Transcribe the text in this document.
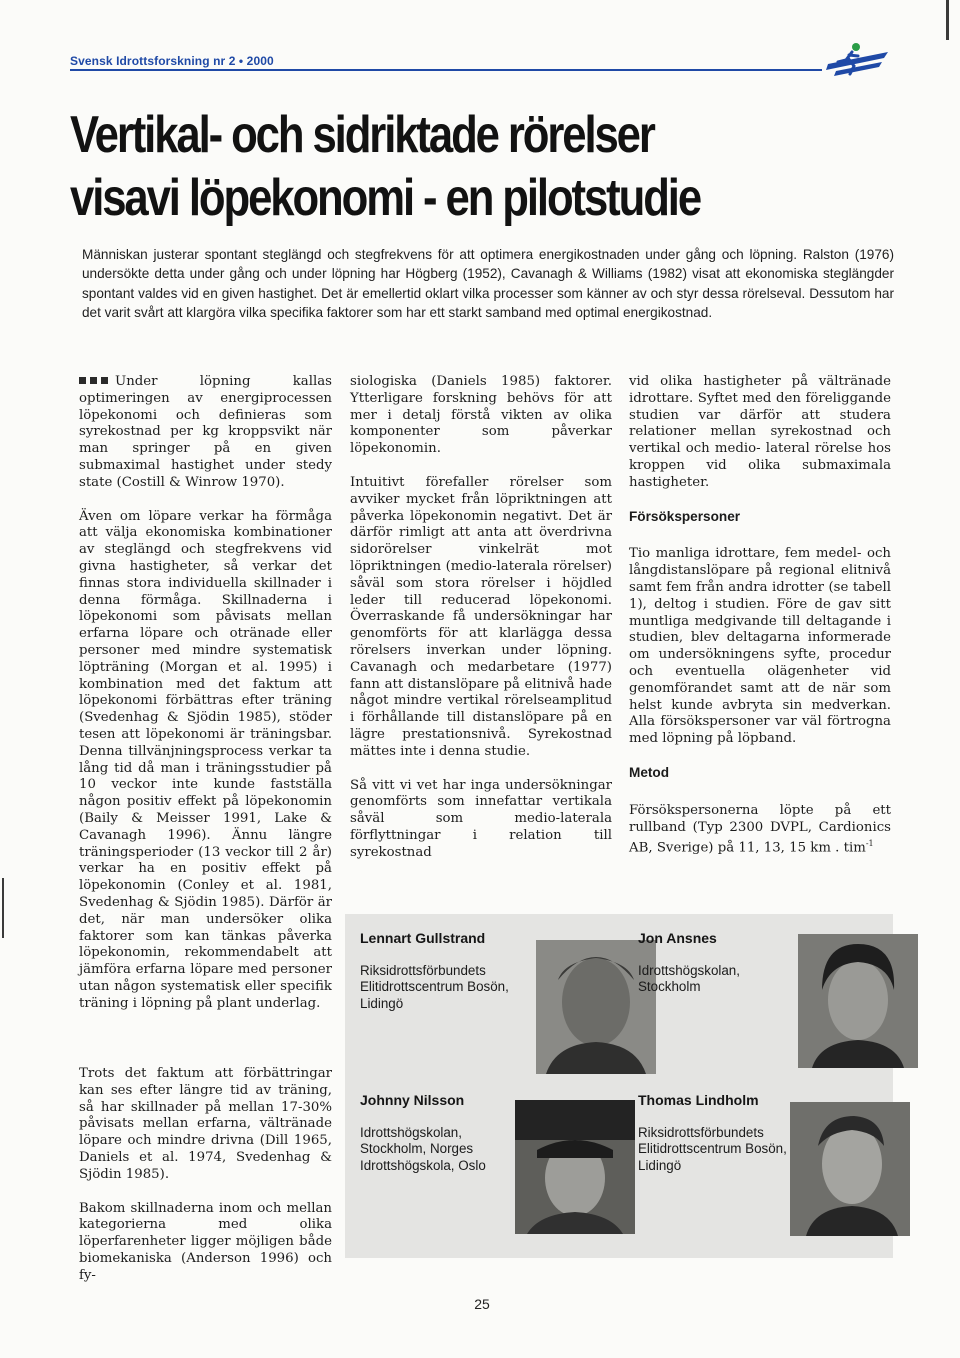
Svensk Idrottsforskning nr 2 • 2000
Vertikal- och sidriktade rörelser
visavi löpekonomi - en pilotstudie

Människan justerar spontant steglängd och stegfrekvens för att optimera energikostnaden under gång och löpning. Ralston (1976) undersökte detta under gång och under löpning har Högberg (1952), Cavanagh & Williams (1982) visat att ekonomiska steglängder spontant valdes vid en given hastighet. Det är emellertid oklart vilka processer som känner av och styr dessa rörelseval. Dessutom har det varit svårt att klargöra vilka specifika faktorer som har ett starkt samband med optimal energikostnad.

Under löpning kallas optimeringen av energiprocessen löpekonomi och definieras som syrekostnad per kg kroppsvikt när man springer på en given submaximal hastighet under stedy state (Costill & Winrow 1970).

Även om löpare verkar ha förmåga att välja ekonomiska kombinationer av steglängd och stegfrekvens vid givna hastigheter, så verkar det finnas stora individuella skillnader i denna förmåga. Skillnaderna i löpekonomi som påvisats mellan erfarna löpare och otränade eller personer med mindre systematisk löpträning (Morgan et al. 1995) i kombination med det faktum att löpekonomi förbättras efter träning (Svedenhag & Sjödin 1985), stöder tesen att löpekonomi är träningsbar. Denna tillvänjningsprocess verkar ta lång tid då man i träningsstudier på 10 veckor inte kunde fastställa någon positiv effekt på löpekonomin (Baily & Meisser 1991, Lake & Cavanagh 1996). Ännu längre träningsperioder (13 veckor till 2 år) verkar ha en positiv effekt på löpekonomin (Conley et al. 1981, Svedenhag & Sjödin 1985). Därför är det, när man undersöker olika faktorer som kan tänkas påverka löpekonomin, rekommendabelt att jämföra erfarna löpare med personer utan någon systematisk eller specifik träning i löpning på plant underlag.

Trots det faktum att förbättringar kan ses efter längre tid av träning, så har skillnader på mellan 17-30% påvisats mellan erfarna, vältränade löpare och mindre drivna (Dill 1965, Daniels et al. 1974, Svedenhag & Sjödin 1985).

Bakom skillnaderna inom och mellan kategorierna med olika löperfarenheter ligger möjligen både biomekaniska (Anderson 1996) och fy-

siologiska (Daniels 1985) faktorer. Ytterligare forskning behövs för att mer i detalj förstå vikten av olika komponenter som påverkar löpekonomin.

Intuitivt förefaller rörelser som avviker mycket från löpriktningen att påverka löpekonomin negativt. Det är därför rimligt att anta att överdrivna sidorörelser vinkelrät mot löpriktningen (medio-laterala rörelser) såväl som stora rörelser i höjdled leder till reducerad löpekonomi. Överraskande få undersökningar har genomförts för att klarlägga dessa rörelsers inverkan under löpning. Cavanagh och medarbetare (1977) fann att distanslöpare på elitnivå hade något mindre vertikal rörelseamplitud i förhållande till distanslöpare på en lägre prestationsnivå. Syrekostnad mättes inte i denna studie.

Så vitt vi vet har inga undersökningar genomförts som innefattar vertikala såväl som medio-laterala förflyttningar i relation till syrekostnad

vid olika hastigheter på vältränade idrottare. Syftet med den föreliggande studien var därför att studera relationer mellan syrekostnad och vertikal och medio- lateral rörelse hos kroppen vid olika submaximala hastigheter.

Försökspersoner

Tio manliga idrottare, fem medel- och långdistanslöpare på regional elitnivå samt fem från andra idrotter (se tabell 1), deltog i studien. Före de gav sitt muntliga medgivande till deltagande i studien, blev deltagarna informerade om undersökningens syfte, procedur och eventuella olägenheter vid genomförandet samt att de när som helst kunde avbryta sin medverkan. Alla försökspersoner var väl förtrogna med löpning på löpband.

Metod

Försökspersonerna löpte på ett rullband (Typ 2300 DVPL, Cardionics AB, Sverige) på 11, 13, 15 km . tim$^{-1}$

Lennart Gullstrand
Riksidrottsförbundets Elitidrottscentrum Bosön, Lidingö
Jon Ansnes
Idrottshögskolan, Stockholm
Johnny Nilsson
Idrottshögskolan, Stockholm, Norges Idrottshögskola, Oslo
Thomas Lindholm
Riksidrottsförbundets Elitidrottscentrum Bosön, Lidingö
25
